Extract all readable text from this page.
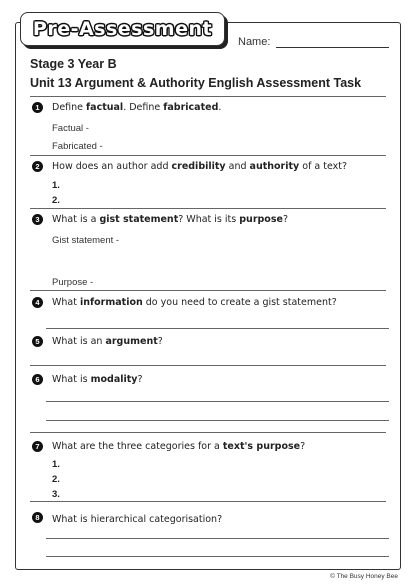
Pre-Assessment
Name:
Stage 3 Year B
Unit 13 Argument & Authority English Assessment Task
1	Define factual. Define fabricated.
Factual -
Fabricated -
2	How does an author add credibility and authority of a text?
1.
2.
3	What is a gist statement? What is its purpose?
Gist statement -
Purpose -
4	What information do you need to create a gist statement?
5	What is an argument?
6	What is modality?
7	What are the three categories for a text's purpose?
1.
2.
3.
8	What is hierarchical categorisation?
© The Busy Honey Bee
